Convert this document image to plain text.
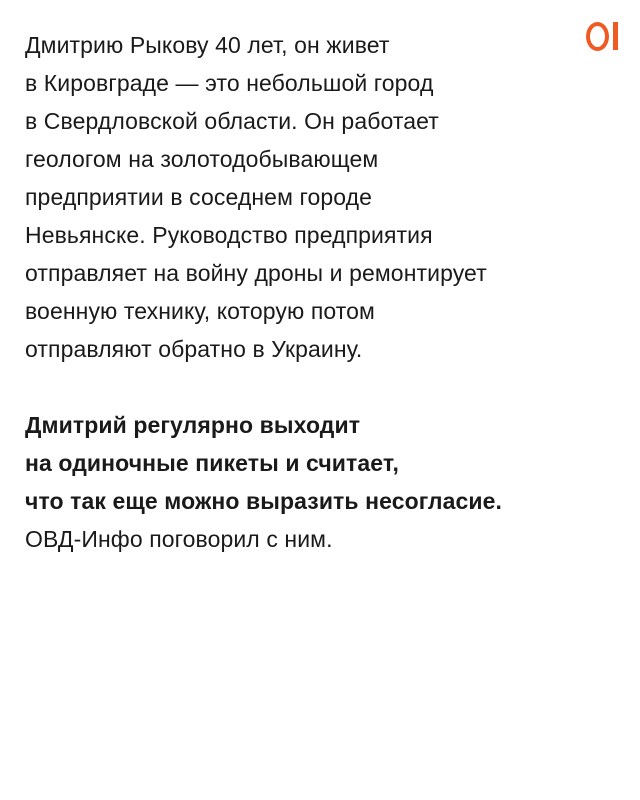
Дмитрию Рыкову 40 лет, он живет
в Кировграде — это небольшой город
в Свердловской области. Он работает
геологом на золотодобывающем
предприятии в соседнем городе
Невьянске. Руководство предприятия
отправляет на войну дроны и ремонтирует
военную технику, которую потом
отправляют обратно в Украину.

Дмитрий регулярно выходит
на одиночные пикеты и считает,
что так еще можно выразить несогласие.
ОВД-Инфо поговорил с ним.
